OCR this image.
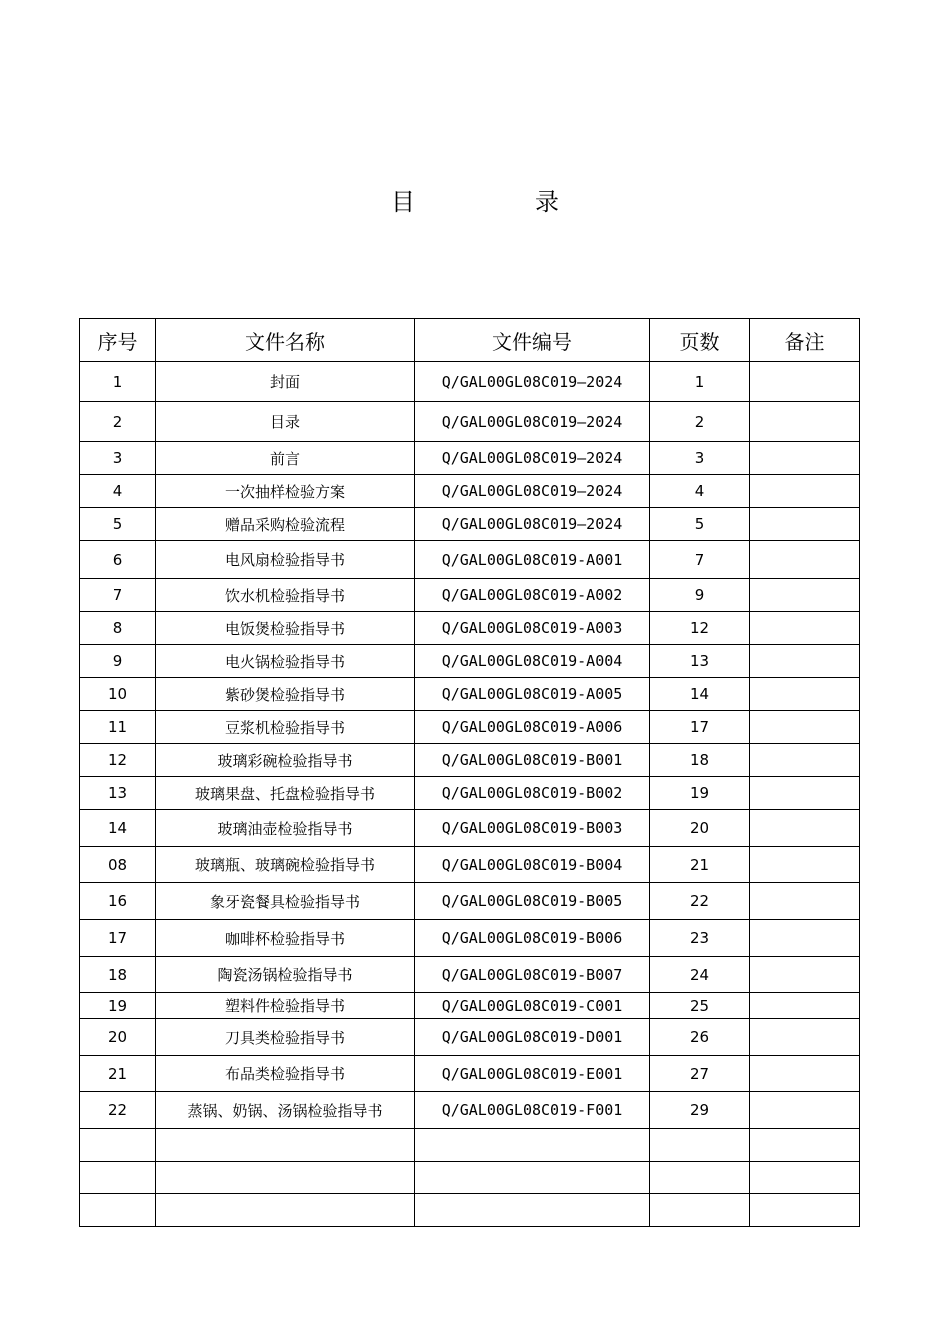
目　录
序号	文件名称	文件编号	页数	备注
1	封面	Q/GAL00GL08C019—2024	1	
2	目录	Q/GAL00GL08C019—2024	2	
3	前言	Q/GAL00GL08C019—2024	3	
4	一次抽样检验方案	Q/GAL00GL08C019—2024	4	
5	赠品采购检验流程	Q/GAL00GL08C019—2024	5	
6	电风扇检验指导书	Q/GAL00GL08C019-A001	7	
7	饮水机检验指导书	Q/GAL00GL08C019-A002	9	
8	电饭煲检验指导书	Q/GAL00GL08C019-A003	12	
9	电火锅检验指导书	Q/GAL00GL08C019-A004	13	
10	紫砂煲检验指导书	Q/GAL00GL08C019-A005	14	
11	豆浆机检验指导书	Q/GAL00GL08C019-A006	17	
12	玻璃彩碗检验指导书	Q/GAL00GL08C019-B001	18	
13	玻璃果盘、托盘检验指导书	Q/GAL00GL08C019-B002	19	
14	玻璃油壶检验指导书	Q/GAL00GL08C019-B003	20	
08	玻璃瓶、玻璃碗检验指导书	Q/GAL00GL08C019-B004	21	
16	象牙瓷餐具检验指导书	Q/GAL00GL08C019-B005	22	
17	咖啡杯检验指导书	Q/GAL00GL08C019-B006	23	
18	陶瓷汤锅检验指导书	Q/GAL00GL08C019-B007	24	
19	塑料件检验指导书	Q/GAL00GL08C019-C001	25	
20	刀具类检验指导书	Q/GAL00GL08C019-D001	26	
21	布品类检验指导书	Q/GAL00GL08C019-E001	27	
22	蒸锅、奶锅、汤锅检验指导书	Q/GAL00GL08C019-F001	29	
